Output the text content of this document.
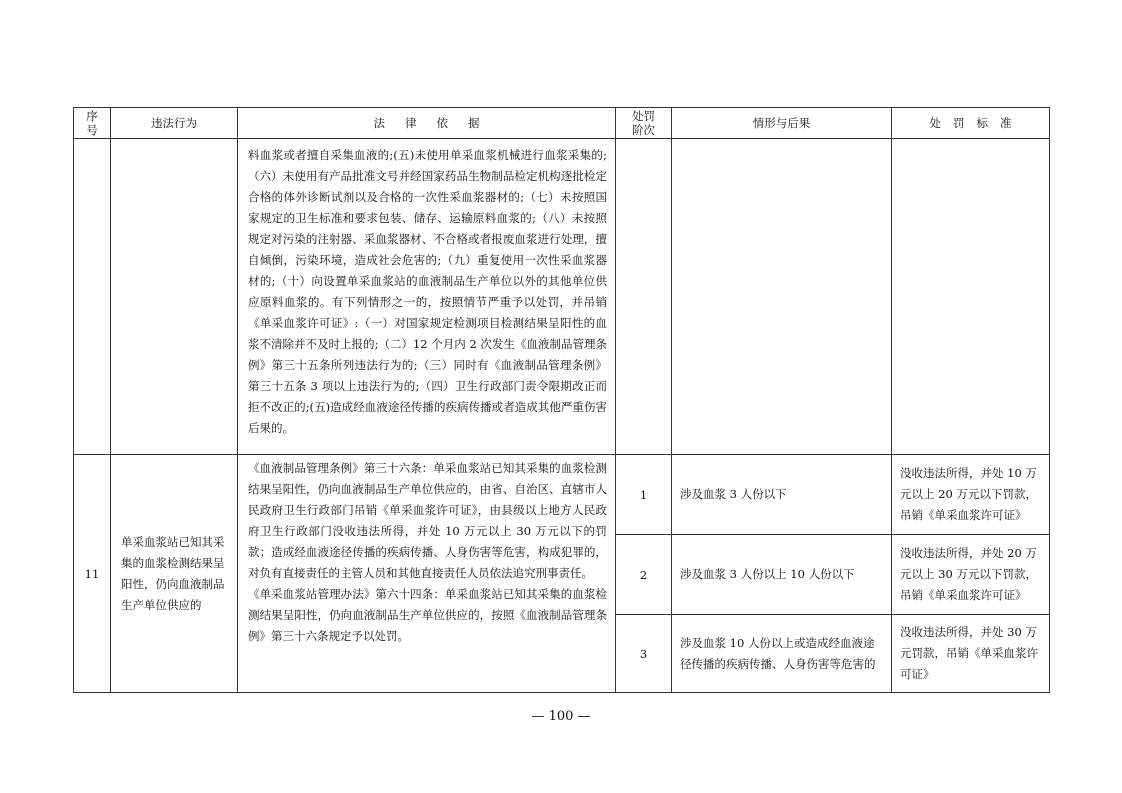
序号	违法行为	法律依据	处罚阶次	情形与后果	处罚标准

		料血浆或者擅自采集血液的;(五)未使用单采血浆机械进行血浆采集的;（六）未使用有产品批准文号并经国家药品生物制品检定机构逐批检定合格的体外诊断试剂以及合格的一次性采血浆器材的;（七）未按照国家规定的卫生标准和要求包装、储存、运输原料血浆的;（八）未按照规定对污染的注射器、采血浆器材、不合格或者报废血浆进行处理，擅自倾倒，污染环境，造成社会危害的;（九）重复使用一次性采血浆器材的;（十）向设置单采血浆站的血液制品生产单位以外的其他单位供应原料血浆的。有下列情形之一的，按照情节严重予以处罚，并吊销《单采血浆许可证》:（一）对国家规定检测项目检测结果呈阳性的血浆不清除并不及时上报的;（二）12 个月内 2 次发生《血液制品管理条例》第三十五条所列违法行为的;（三）同时有《血液制品管理条例》第三十五条 3 项以上违法行为的;（四）卫生行政部门责令限期改正而拒不改正的;(五)造成经血液途径传播的疾病传播或者造成其他严重伤害后果的。			

11	单采血浆站已知其采集的血浆检测结果呈阳性，仍向血液制品生产单位供应的	《血液制品管理条例》第三十六条：单采血浆站已知其采集的血浆检测结果呈阳性，仍向血液制品生产单位供应的，由省、自治区、直辖市人民政府卫生行政部门吊销《单采血浆许可证》，由县级以上地方人民政府卫生行政部门没收违法所得，并处 10 万元以上 30 万元以下的罚款；造成经血液途径传播的疾病传播、人身伤害等危害，构成犯罪的，对负有直接责任的主管人员和其他直接责任人员依法追究刑事责任。

《单采血浆站管理办法》第六十四条：单采血浆站已知其采集的血浆检测结果呈阳性，仍向血液制品生产单位供应的，按照《血液制品管理条例》第三十六条规定予以处罚。	1	涉及血浆 3 人份以下	没收违法所得，并处 10 万元以上 20 万元以下罚款，吊销《单采血浆许可证》
			2	涉及血浆 3 人份以上 10 人份以下	没收违法所得，并处 20 万元以上 30 万元以下罚款，吊销《单采血浆许可证》
			3	涉及血浆 10 人份以上或造成经血液途径传播的疾病传播、人身伤害等危害的	没收违法所得，并处 30 万元罚款，吊销《单采血浆许可证》
— 100 —
